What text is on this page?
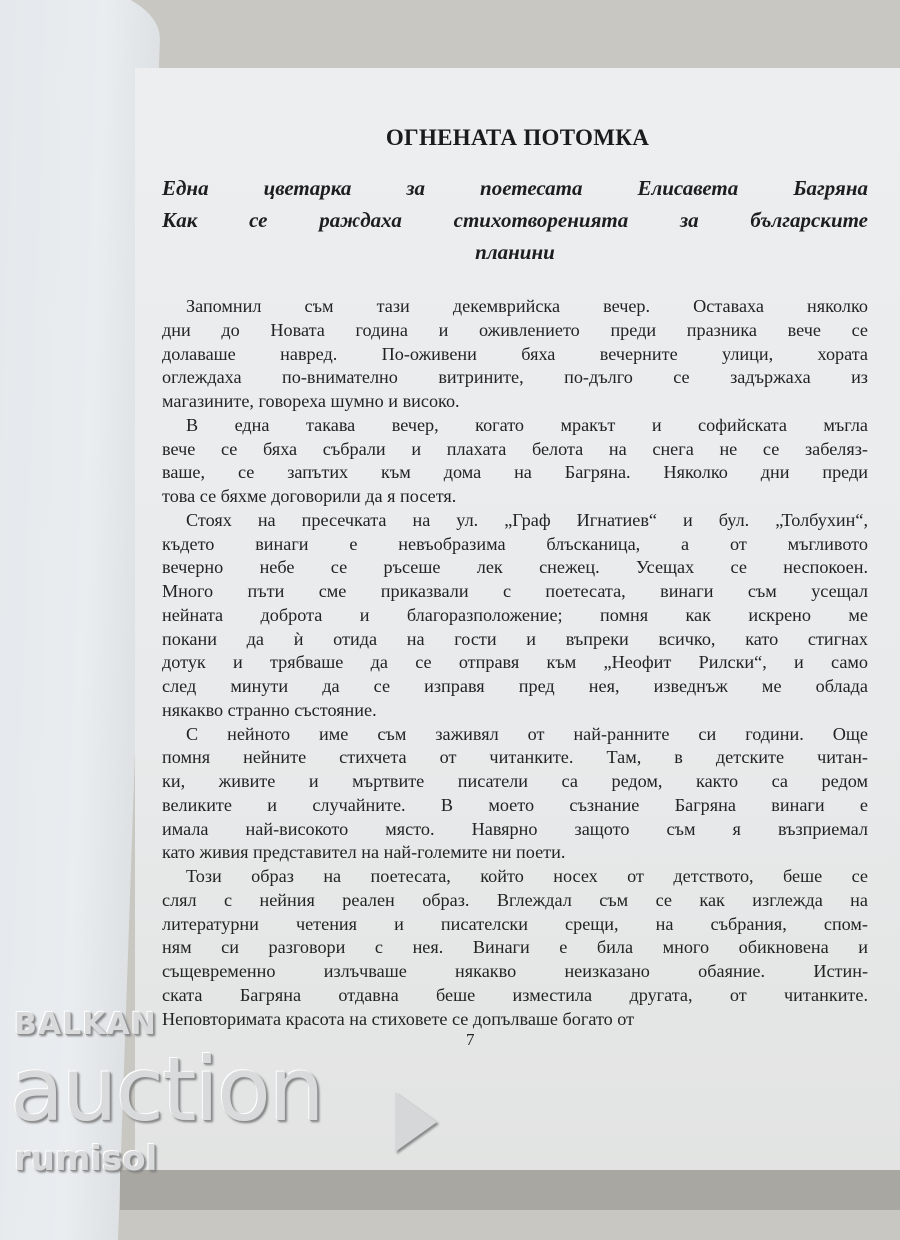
ОГНЕНАТА ПОТОМКА
Една цветарка за поетесата Елисавета Багряна
Как се раждаха стихотворенията за българските
планини
Запомнил съм тази декемврийска вечер. Оставаха няколко
дни до Новата година и оживлението преди празника вече се
долаваше навред. По-оживени бяха вечерните улици, хората
оглеждаха по-внимателно витрините, по-дълго се задържаха из
магазините, говореха шумно и високо.
В една такава вечер, когато мракът и софийската мъгла
вече се бяха събрали и плахата белота на снега не се забеляз-
ваше, се запътих към дома на Багряна. Няколко дни преди
това се бяхме договорили да я посетя.
Стоях на пресечката на ул. „Граф Игнатиев“ и бул. „Толбухин“,
където винаги е невъобразима блъсканица, а от мъгливото
вечерно небе се ръсеше лек снежец. Усещах се неспокоен.
Много пъти сме приказвали с поетесата, винаги съм усещал
нейната доброта и благоразположение; помня как искрено ме
покани да ѝ отида на гости и въпреки всичко, като стигнах
дотук и трябваше да се отправя към „Неофит Рилски“, и само
след минути да се изправя пред нея, изведнъж ме облада
някакво странно състояние.
С нейното име съм заживял от най-ранните си години. Още
помня нейните стихчета от читанките. Там, в детските читан-
ки, живите и мъртвите писатели са редом, както са редом
великите и случайните. В моето съзнание Багряна винаги е
имала най-високото място. Навярно защото съм я възприемал
като живия представител на най-големите ни поети.
Този образ на поетесата, който носех от детството, беше се
слял с нейния реален образ. Вглеждал съм се как изглежда на
литературни четения и писателски срещи, на събрания, спом-
ням си разговори с нея. Винаги е била много обикновена и
същевременно излъчваше някакво неизказано обаяние. Истин-
ската Багряна отдавна беше изместила другата, от читанките.
Неповторимата красота на стиховете се допълваше богато от
7
BALKAN
auction
rumisol
